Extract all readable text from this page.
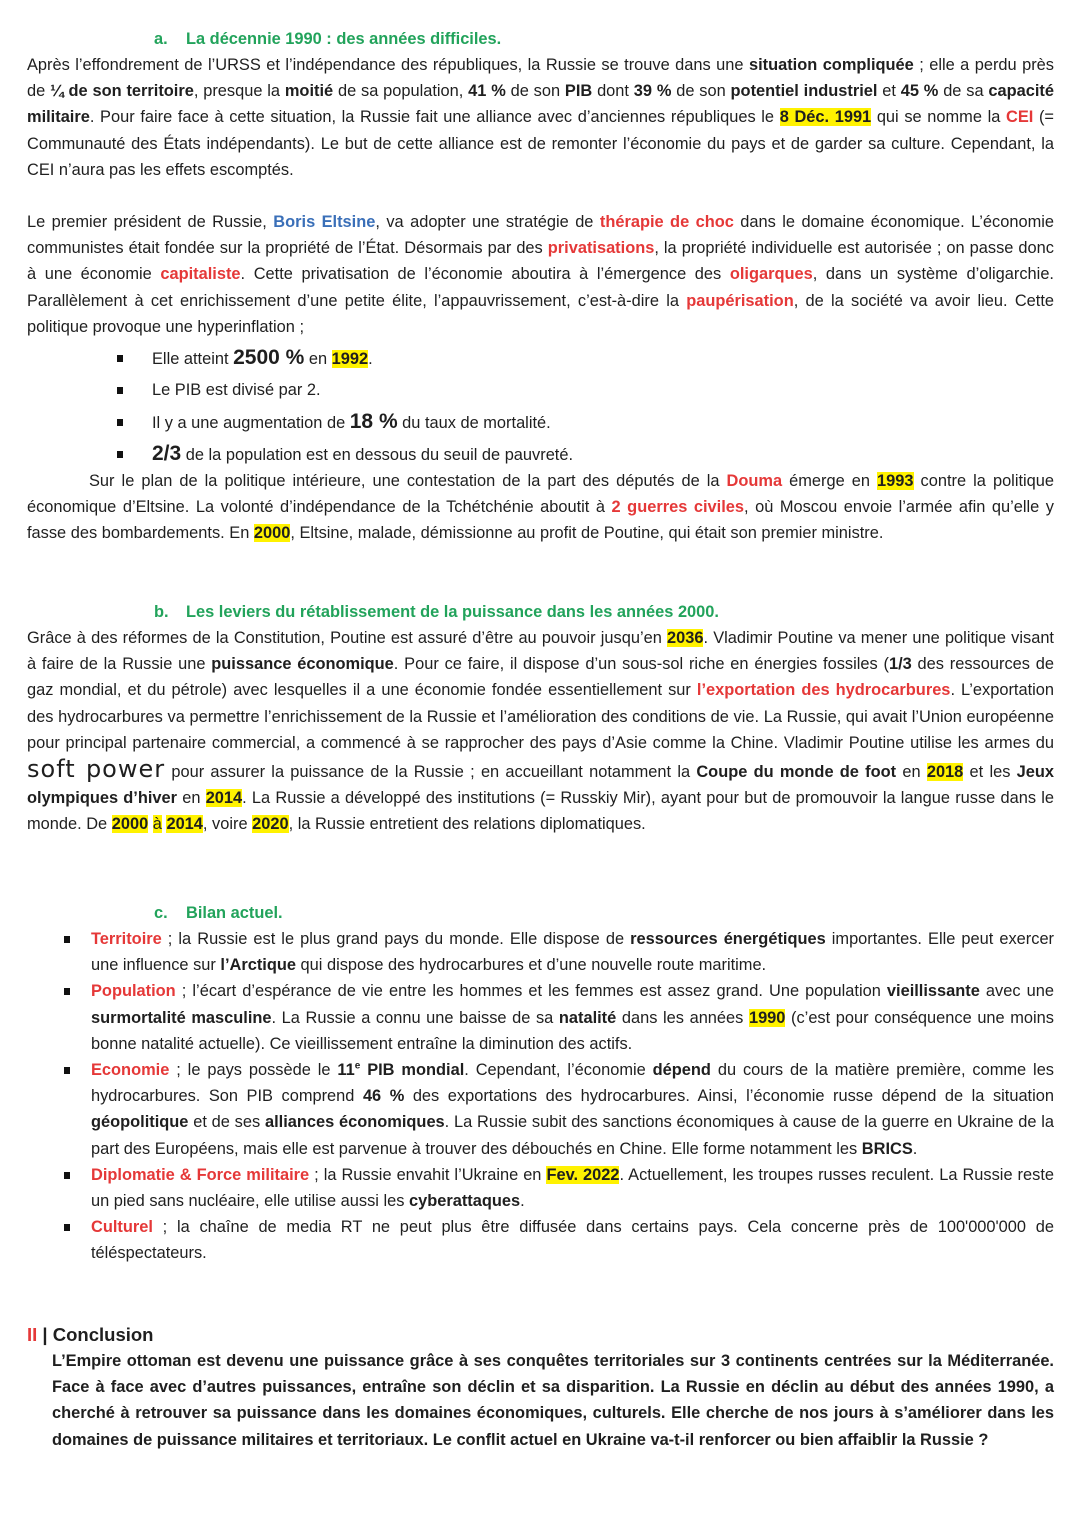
a. La décennie 1990 : des années difficiles.
Après l’effondrement de l’URSS et l’indépendance des républiques, la Russie se trouve dans une situation compliquée ; elle a perdu près de ¼ de son territoire, presque la moitié de sa population, 41 % de son PIB dont 39 % de son potentiel industriel et 45 % de sa capacité militaire. Pour faire face à cette situation, la Russie fait une alliance avec d’anciennes républiques le 8 Déc. 1991 qui se nomme la CEI (= Communauté des États indépendants). Le but de cette alliance est de remonter l’économie du pays et de garder sa culture. Cependant, la CEI n’aura pas les effets escomptés.
Le premier président de Russie, Boris Eltsine, va adopter une stratégie de thérapie de choc dans le domaine économique. L’économie communistes était fondée sur la propriété de l’État. Désormais par des privatisations, la propriété individuelle est autorisée ; on passe donc à une économie capitaliste. Cette privatisation de l’économie aboutira à l’émergence des oligarques, dans un système d’oligarchie. Parallèlement à cet enrichissement d’une petite élite, l’appauvrissement, c’est-à-dire la paupérisation, de la société va avoir lieu. Cette politique provoque une hyperinflation ;
Elle atteint 2500 % en 1992.
Le PIB est divisé par 2.
Il y a une augmentation de 18 % du taux de mortalité.
2/3 de la population est en dessous du seuil de pauvreté.
Sur le plan de la politique intérieure, une contestation de la part des députés de la Douma émerge en 1993 contre la politique économique d’Eltsine. La volonté d’indépendance de la Tchétchénie aboutit à 2 guerres civiles, où Moscou envoie l’armée afin qu’elle y fasse des bombardements. En 2000, Eltsine, malade, démissionne au profit de Poutine, qui était son premier ministre.
b. Les leviers du rétablissement de la puissance dans les années 2000.
Grâce à des réformes de la Constitution, Poutine est assuré d’être au pouvoir jusqu’en 2036. Vladimir Poutine va mener une politique visant à faire de la Russie une puissance économique. Pour ce faire, il dispose d’un sous-sol riche en énergies fossiles (1/3 des ressources de gaz mondial, et du pétrole) avec lesquelles il a une économie fondée essentiellement sur l’exportation des hydrocarbures. L’exportation des hydrocarbures va permettre l’enrichissement de la Russie et l’amélioration des conditions de vie. La Russie, qui avait l’Union européenne pour principal partenaire commercial, a commencé à se rapprocher des pays d’Asie comme la Chine. Vladimir Poutine utilise les armes du soft power pour assurer la puissance de la Russie ; en accueillant notamment la Coupe du monde de foot en 2018 et les Jeux olympiques d’hiver en 2014. La Russie a développé des institutions (= Russkiy Mir), ayant pour but de promouvoir la langue russe dans le monde. De 2000 à 2014, voire 2020, la Russie entretient des relations diplomatiques.
c. Bilan actuel.
Territoire ; la Russie est le plus grand pays du monde. Elle dispose de ressources énergétiques importantes. Elle peut exercer une influence sur l’Arctique qui dispose des hydrocarbures et d’une nouvelle route maritime.
Population ; l’écart d’espérance de vie entre les hommes et les femmes est assez grand. Une population vieillissante avec une surmortalité masculine. La Russie a connu une baisse de sa natalité dans les années 1990 (c’est pour conséquence une moins bonne natalité actuelle). Ce vieillissement entraîne la diminution des actifs.
Economie ; le pays possède le 11e PIB mondial. Cependant, l’économie dépend du cours de la matière première, comme les hydrocarbures. Son PIB comprend 46 % des exportations des hydrocarbures. Ainsi, l’économie russe dépend de la situation géopolitique et de ses alliances économiques. La Russie subit des sanctions économiques à cause de la guerre en Ukraine de la part des Européens, mais elle est parvenue à trouver des débouchés en Chine. Elle forme notamment les BRICS.
Diplomatie & Force militaire ; la Russie envahit l’Ukraine en Fev. 2022. Actuellement, les troupes russes reculent. La Russie reste un pied sans nucléaire, elle utilise aussi les cyberattaques.
Culturel ; la chaîne de media RT ne peut plus être diffusée dans certains pays. Cela concerne près de 100'000'000 de téléspectateurs.
II | Conclusion
L’Empire ottoman est devenu une puissance grâce à ses conquêtes territoriales sur 3 continents centrées sur la Méditerranée. Face à face avec d’autres puissances, entraîne son déclin et sa disparition. La Russie en déclin au début des années 1990, a cherché à retrouver sa puissance dans les domaines économiques, culturels. Elle cherche de nos jours à s’améliorer dans les domaines de puissance militaires et territoriaux. Le conflit actuel en Ukraine va-t-il renforcer ou bien affaiblir la Russie ?
